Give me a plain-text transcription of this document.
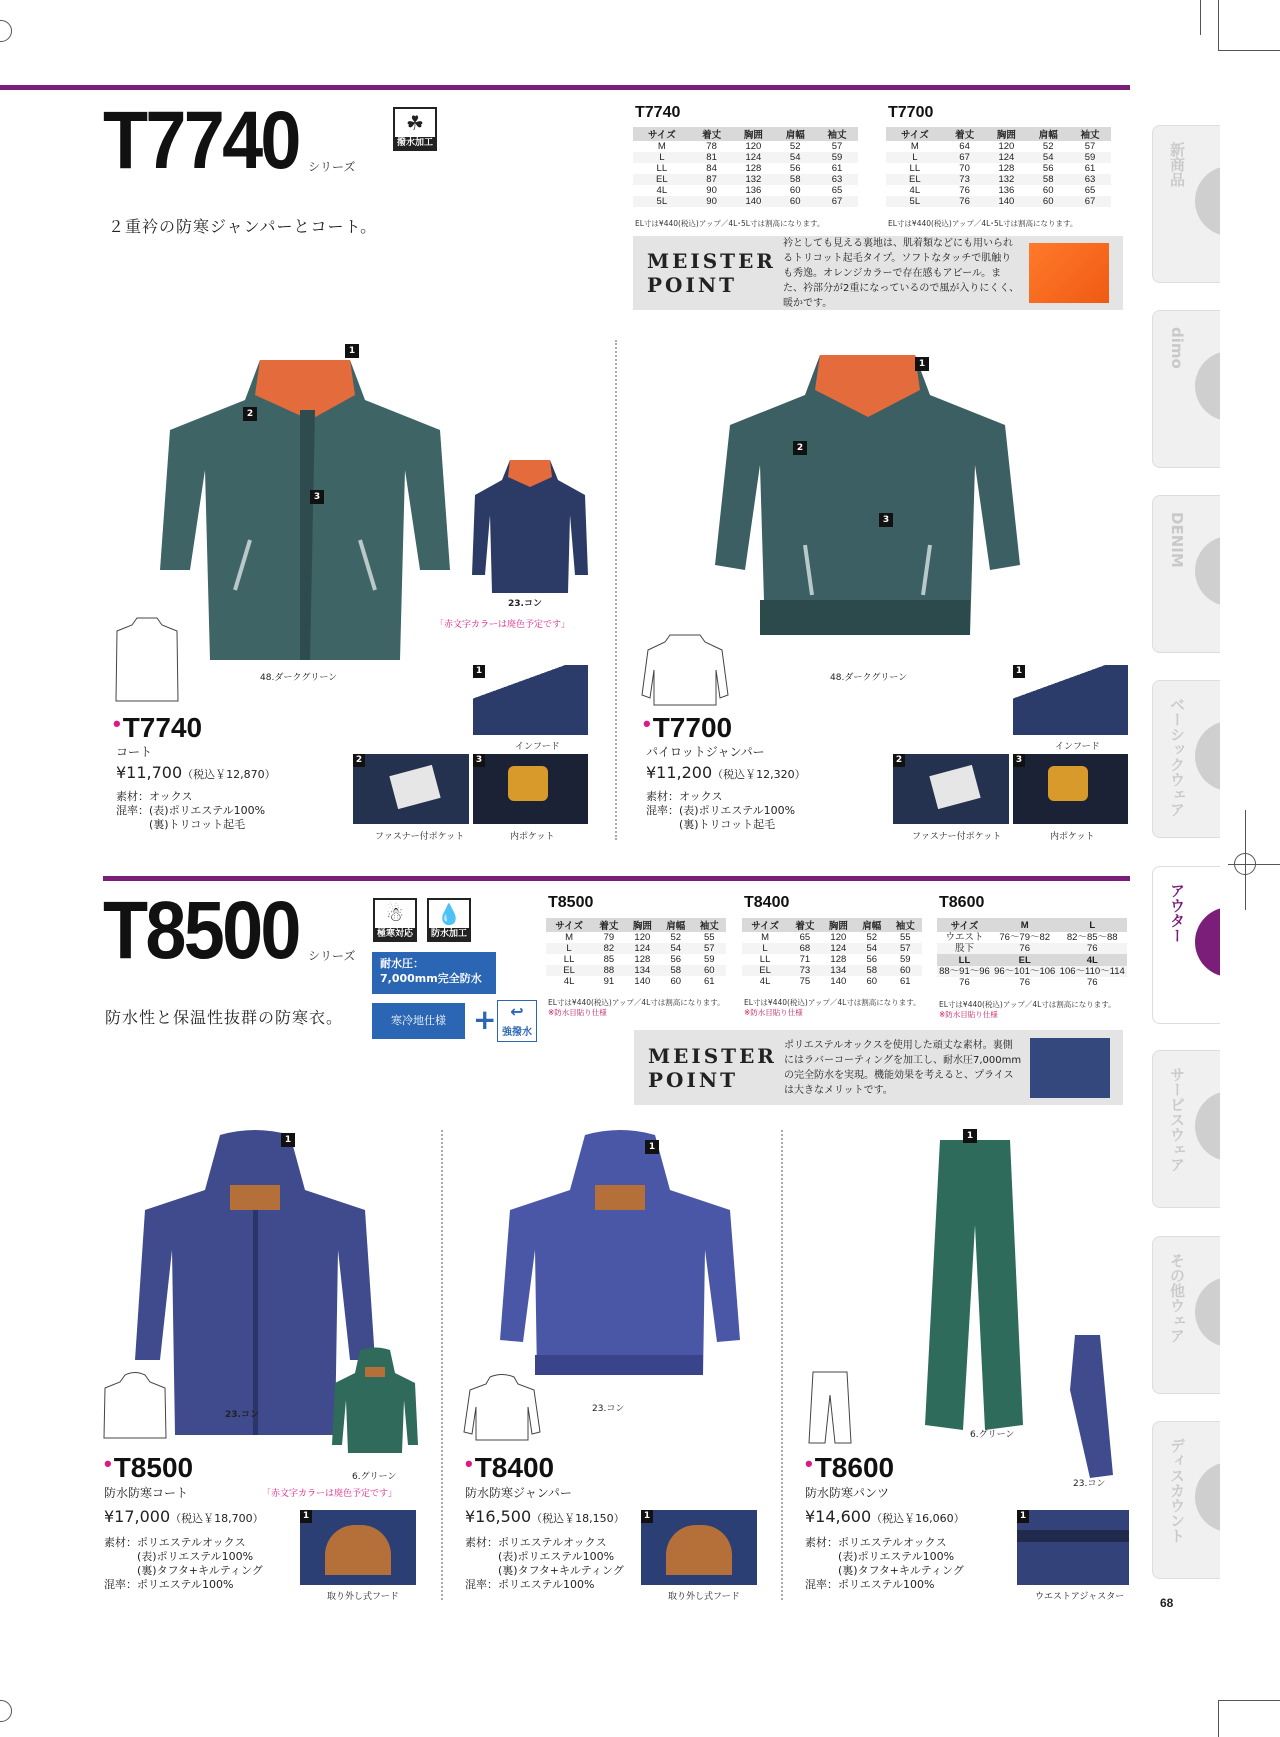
T7740 シリーズ
☘
撥水加工
２重衿の防寒ジャンパーとコート。
T7740
サイズ	着丈	胸囲	肩幅	袖丈
M	78	120	52	57
L	81	124	54	59
LL	84	128	56	61
EL	87	132	58	63
4L	90	136	60	65
5L	90	140	60	67
EL寸は¥440(税込)アップ／4L･5L寸は割高になります。
T7700
サイズ	着丈	胸囲	肩幅	袖丈
M	64	120	52	57
L	67	124	54	59
LL	70	128	56	61
EL	73	132	58	63
4L	76	136	60	65
5L	76	140	60	67
EL寸は¥440(税込)アップ／4L･5L寸は割高になります。
MEISTER
POINT
衿としても見える裏地は、肌着類などにも用いられるトリコット起毛タイプ。ソフトなタッチで肌触りも秀逸。オレンジカラーで存在感もアピール。また、衿部分が2重になっているので風が入りにくく、暖かです。
23.コン
「赤文字カラーは廃色予定です」
48.ダークグリーン
1
2
3
•T7740
コート
¥11,700（税込￥12,870）
素材：オックス
混率：(表)ポリエステル100%
　　　(裏)トリコット起毛
1
2
3
48.ダークグリーン
•T7700
パイロットジャンパー
¥11,200（税込￥12,320）
素材：オックス
混率：(表)ポリエステル100%
　　　(裏)トリコット起毛
1
インフード
2	3
ファスナー付ポケット	内ポケット
1
インフード
2	3
ファスナー付ポケット	内ポケット
T8500 シリーズ
☃
極寒対応
💧
防水加工
耐水圧：
7,000mm完全防水
寒冷地仕様 + ↩
強撥水
防水性と保温性抜群の防寒衣。
T8500
サイズ	着丈	胸囲	肩幅	袖丈
M	79	120	52	55
L	82	124	54	57
LL	85	128	56	59
EL	88	134	58	60
4L	91	140	60	61
EL寸は¥440(税込)アップ／4L寸は割高になります。
※防水目貼り仕様
T8400
サイズ	着丈	胸囲	肩幅	袖丈
M	65	120	52	55
L	68	124	54	57
LL	71	128	56	59
EL	73	134	58	60
4L	75	140	60	61
EL寸は¥440(税込)アップ／4L寸は割高になります。
※防水目貼り仕様
T8600
サイズ	M	L
ウエスト	76〜79〜82	82〜85〜88
股下	76	76
LL	EL	4L
88〜91〜96	96〜101〜106	106〜110〜114
76	76	76
EL寸は¥440(税込)アップ／4L寸は割高になります。
※防水目貼り仕様
MEISTER
POINT
ポリエステルオックスを使用した頑丈な素材。裏側にはラバーコーティングを加工し、耐水圧7,000mmの完全防水を実現。機能効果を考えると、プライスは大きなメリットです。
1
23.コン
6.グリーン
「赤文字カラーは廃色予定です」
•T8500
防水防寒コート
¥17,000（税込￥18,700）
素材：ポリエステルオックス
　　　(表)ポリエステル100%
　　　(裏)タフタ+キルティング
混率：ポリエステル100%
1
取り外し式フード
1
23.コン
•T8400
防水防寒ジャンパー
¥16,500（税込￥18,150）
素材：ポリエステルオックス
　　　(表)ポリエステル100%
　　　(裏)タフタ+キルティング
混率：ポリエステル100%
1
取り外し式フード
1
6.グリーン
23.コン
•T8600
防水防寒パンツ
¥14,600（税込￥16,060）
素材：ポリエステルオックス
　　　(表)ポリエステル100%
　　　(裏)タフタ+キルティング
混率：ポリエステル100%
1
ウエストアジャスター
新商品
dimo
DENIM
ベーシックウェア
アウター
サービスウェア
その他ウェア
ディスカウント
68
